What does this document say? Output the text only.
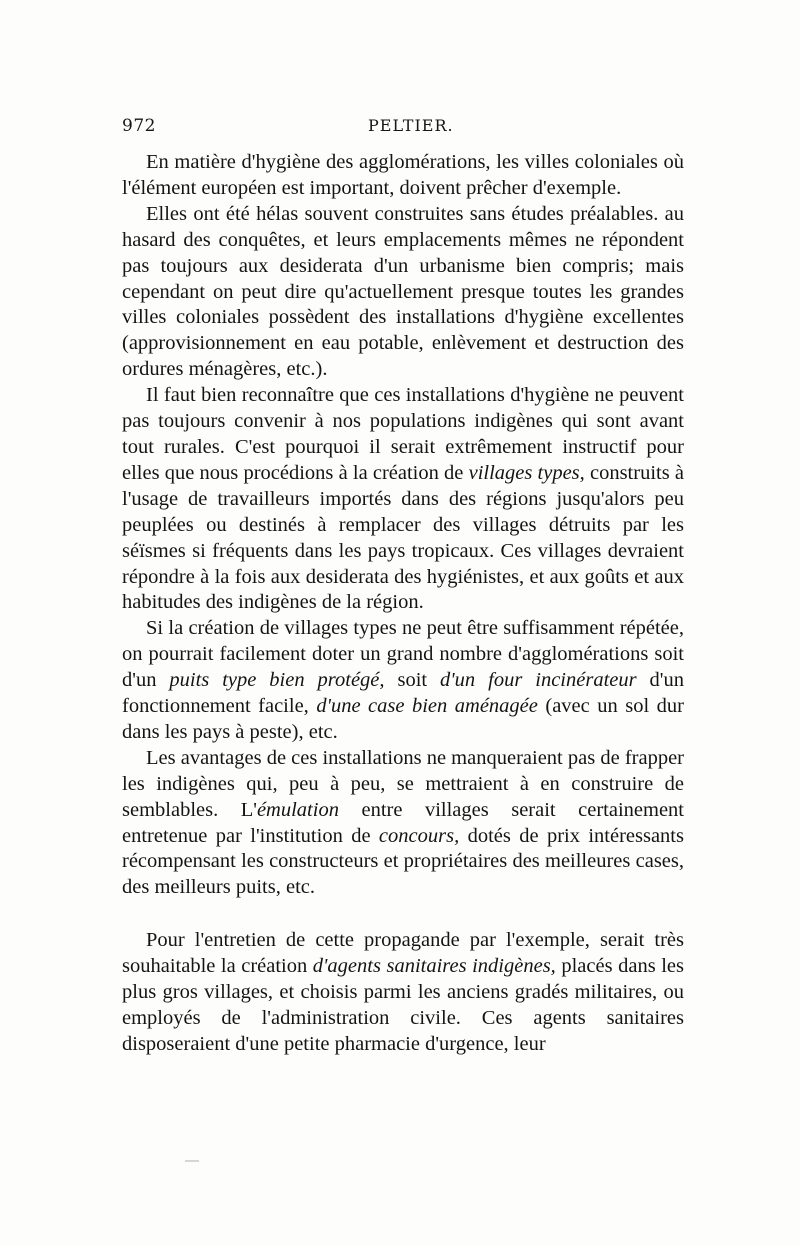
972	PELTIER.

En matière d'hygiène des agglomérations, les villes coloniales où l'élément européen est important, doivent prêcher d'exemple.

Elles ont été hélas souvent construites sans études préalables. au hasard des conquêtes, et leurs emplacements mêmes ne répondent pas toujours aux desiderata d'un urbanisme bien compris; mais cependant on peut dire qu'actuellement presque toutes les grandes villes coloniales possèdent des installations d'hygiène excellentes (approvisionnement en eau potable, enlèvement et destruction des ordures ménagères, etc.).

Il faut bien reconnaître que ces installations d'hygiène ne peuvent pas toujours convenir à nos populations indigènes qui sont avant tout rurales. C'est pourquoi il serait extrêmement instructif pour elles que nous procédions à la création de villages types, construits à l'usage de travailleurs importés dans des régions jusqu'alors peu peuplées ou destinés à remplacer des villages détruits par les séïsmes si fréquents dans les pays tropicaux. Ces villages devraient répondre à la fois aux desiderata des hygiénistes, et aux goûts et aux habitudes des indigènes de la région.

Si la création de villages types ne peut être suffisamment répétée, on pourrait facilement doter un grand nombre d'agglomérations soit d'un puits type bien protégé, soit d'un four incinérateur d'un fonctionnement facile, d'une case bien aménagée (avec un sol dur dans les pays à peste), etc.

Les avantages de ces installations ne manqueraient pas de frapper les indigènes qui, peu à peu, se mettraient à en construire de semblables. L'émulation entre villages serait certainement entretenue par l'institution de concours, dotés de prix intéressants récompensant les constructeurs et propriétaires des meilleures cases, des meilleurs puits, etc.

Pour l'entretien de cette propagande par l'exemple, serait très souhaitable la création d'agents sanitaires indigènes, placés dans les plus gros villages, et choisis parmi les anciens gradés militaires, ou employés de l'administration civile. Ces agents sanitaires disposeraient d'une petite pharmacie d'urgence, leur
